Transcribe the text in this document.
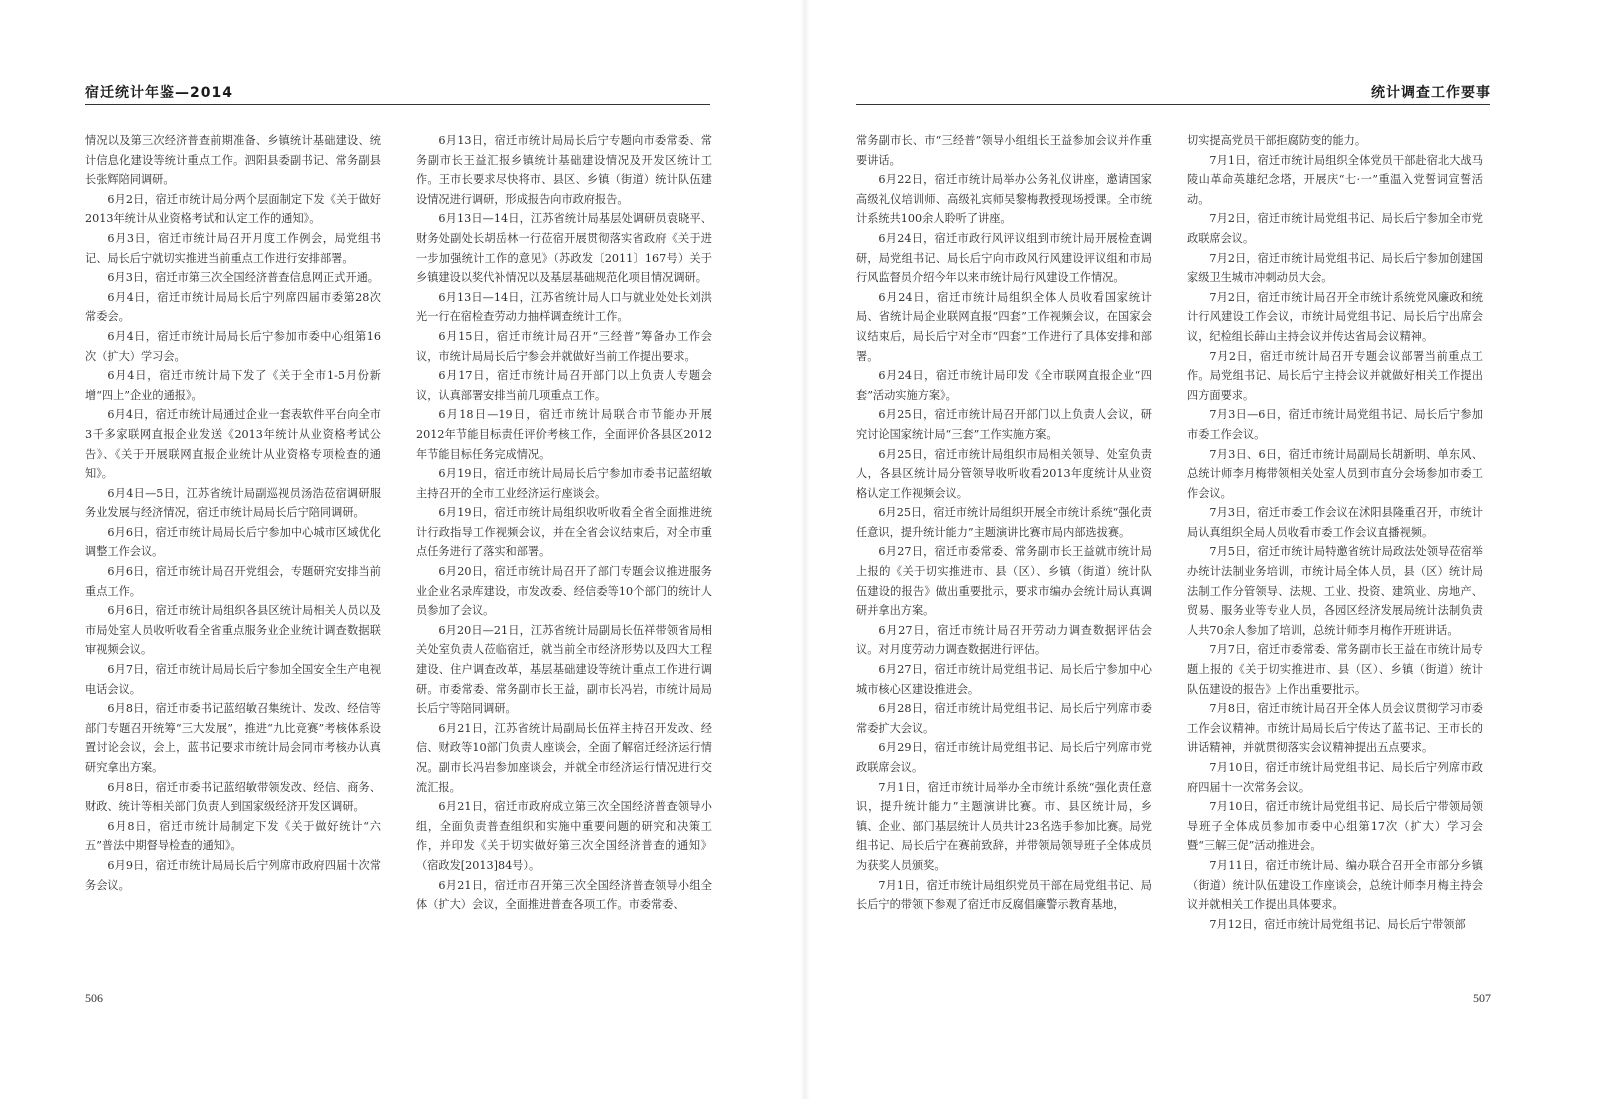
宿迁统计年鉴—2014

情况以及第三次经济普查前期准备、乡镇统计基础建设、统计信息化建设等统计重点工作。泗阳县委副书记、常务副县长张辉陪同调研。

6月2日，宿迁市统计局分两个层面制定下发《关于做好2013年统计从业资格考试和认定工作的通知》。

6月3日，宿迁市统计局召开月度工作例会，局党组书记、局长后宁就切实推进当前重点工作进行安排部署。

6月3日，宿迁市第三次全国经济普查信息网正式开通。

6月4日，宿迁市统计局局长后宁列席四届市委第28次常委会。

6月4日，宿迁市统计局局长后宁参加市委中心组第16次（扩大）学习会。

6月4日，宿迁市统计局下发了《关于全市1-5月份新增“四上”企业的通报》。

6月4日，宿迁市统计局通过企业一套表软件平台向全市3千多家联网直报企业发送《2013年统计从业资格考试公告》、《关于开展联网直报企业统计从业资格专项检查的通知》。

6月4日—5日，江苏省统计局副巡视员汤浩莅宿调研服务业发展与经济情况，宿迁市统计局局长后宁陪同调研。

6月6日，宿迁市统计局局长后宁参加中心城市区域优化调整工作会议。

6月6日，宿迁市统计局召开党组会，专题研究安排当前重点工作。

6月6日，宿迁市统计局组织各县区统计局相关人员以及市局处室人员收听收看全省重点服务业企业统计调查数据联审视频会议。

6月7日，宿迁市统计局局长后宁参加全国安全生产电视电话会议。

6月8日，宿迁市委书记蓝绍敏召集统计、发改、经信等部门专题召开统筹“三大发展”，推进“九比竞赛”考核体系设置讨论会议，会上，蓝书记要求市统计局会同市考核办认真研究拿出方案。

6月8日，宿迁市委书记蓝绍敏带领发改、经信、商务、财政、统计等相关部门负责人到国家级经济开发区调研。

6月8日，宿迁市统计局制定下发《关于做好统计“六五”普法中期督导检查的通知》。

6月9日，宿迁市统计局局长后宁列席市政府四届十次常务会议。

6月13日，宿迁市统计局局长后宁专题向市委常委、常务副市长王益汇报乡镇统计基础建设情况及开发区统计工作。王市长要求尽快将市、县区、乡镇（街道）统计队伍建设情况进行调研，形成报告向市政府报告。

6月13日—14日，江苏省统计局基层处调研员袁晓平、财务处副处长胡岳林一行莅宿开展贯彻落实省政府《关于进一步加强统计工作的意见》（苏政发〔2011〕167号）关于乡镇建设以奖代补情况以及基层基础规范化项目情况调研。

6月13日—14日，江苏省统计局人口与就业处处长刘洪光一行在宿检查劳动力抽样调查统计工作。

6月15日，宿迁市统计局召开“三经普”筹备办工作会议，市统计局局长后宁参会并就做好当前工作提出要求。

6月17日，宿迁市统计局召开部门以上负责人专题会议，认真部署安排当前几项重点工作。

6月18日—19日，宿迁市统计局联合市节能办开展2012年节能目标责任评价考核工作，全面评价各县区2012年节能目标任务完成情况。

6月19日，宿迁市统计局局长后宁参加市委书记蓝绍敏主持召开的全市工业经济运行座谈会。

6月19日，宿迁市统计局组织收听收看全省全面推进统计行政指导工作视频会议，并在全省会议结束后，对全市重点任务进行了落实和部署。

6月20日，宿迁市统计局召开了部门专题会议推进服务业企业名录库建设，市发改委、经信委等10个部门的统计人员参加了会议。

6月20日—21日，江苏省统计局副局长伍祥带领省局相关处室负责人莅临宿迁，就当前全市经济形势以及四大工程建设、住户调查改革，基层基础建设等统计重点工作进行调研。市委常委、常务副市长王益，副市长冯岩，市统计局局长后宁等陪同调研。

6月21日，江苏省统计局副局长伍祥主持召开发改、经信、财政等10部门负责人座谈会，全面了解宿迁经济运行情况。副市长冯岩参加座谈会，并就全市经济运行情况进行交流汇报。

6月21日，宿迁市政府成立第三次全国经济普查领导小组，全面负责普查组织和实施中重要问题的研究和决策工作，并印发《关于切实做好第三次全国经济普查的通知》（宿政发[2013]84号）。

6月21日，宿迁市召开第三次全国经济普查领导小组全体（扩大）会议，全面推进普查各项工作。市委常委、

506
统计调查工作要事

常务副市长、市“三经普”领导小组组长王益参加会议并作重要讲话。

6月22日，宿迁市统计局举办公务礼仪讲座，邀请国家高级礼仪培训师、高级礼宾师吴黎梅教授现场授课。全市统计系统共100余人聆听了讲座。

6月24日，宿迁市政行风评议组到市统计局开展检查调研，局党组书记、局长后宁向市政风行风建设评议组和市局行风监督员介绍今年以来市统计局行风建设工作情况。

6月24日，宿迁市统计局组织全体人员收看国家统计局、省统计局企业联网直报“四套”工作视频会议，在国家会议结束后，局长后宁对全市“四套”工作进行了具体安排和部署。

6月24日，宿迁市统计局印发《全市联网直报企业“四套”活动实施方案》。

6月25日，宿迁市统计局召开部门以上负责人会议，研究讨论国家统计局“三套”工作实施方案。

6月25日，宿迁市统计局组织市局相关领导、处室负责人，各县区统计局分管领导收听收看2013年度统计从业资格认定工作视频会议。

6月25日，宿迁市统计局组织开展全市统计系统“强化责任意识，提升统计能力”主题演讲比赛市局内部选拔赛。

6月27日，宿迁市委常委、常务副市长王益就市统计局上报的《关于切实推进市、县（区）、乡镇（街道）统计队伍建设的报告》做出重要批示，要求市编办会统计局认真调研并拿出方案。

6月27日，宿迁市统计局召开劳动力调查数据评估会议。对月度劳动力调查数据进行评估。

6月27日，宿迁市统计局党组书记、局长后宁参加中心城市核心区建设推进会。

6月28日，宿迁市统计局党组书记、局长后宁列席市委常委扩大会议。

6月29日，宿迁市统计局党组书记、局长后宁列席市党政联席会议。

7月1日，宿迁市统计局举办全市统计系统“强化责任意识，提升统计能力”主题演讲比赛。市、县区统计局，乡镇、企业、部门基层统计人员共计23名选手参加比赛。局党组书记、局长后宁在赛前致辞，并带领局领导班子全体成员为获奖人员颁奖。

7月1日，宿迁市统计局组织党员干部在局党组书记、局长后宁的带领下参观了宿迁市反腐倡廉警示教育基地，

切实提高党员干部拒腐防变的能力。

7月1日，宿迁市统计局组织全体党员干部赴宿北大战马陵山革命英雄纪念塔，开展庆“七·一”重温入党誓词宣誓活动。

7月2日，宿迁市统计局党组书记、局长后宁参加全市党政联席会议。

7月2日，宿迁市统计局党组书记、局长后宁参加创建国家级卫生城市冲刺动员大会。

7月2日，宿迁市统计局召开全市统计系统党风廉政和统计行风建设工作会议，市统计局党组书记、局长后宁出席会议，纪检组长薛山主持会议并传达省局会议精神。

7月2日，宿迁市统计局召开专题会议部署当前重点工作。局党组书记、局长后宁主持会议并就做好相关工作提出四方面要求。

7月3日—6日，宿迁市统计局党组书记、局长后宁参加市委工作会议。

7月3日、6日，宿迁市统计局副局长胡新明、单东风、总统计师李月梅带领相关处室人员到市直分会场参加市委工作会议。

7月3日，宿迁市委工作会议在沭阳县隆重召开，市统计局认真组织全局人员收看市委工作会议直播视频。

7月5日，宿迁市统计局特邀省统计局政法处领导莅宿举办统计法制业务培训，市统计局全体人员，县（区）统计局法制工作分管领导、法规、工业、投资、建筑业、房地产、贸易、服务业等专业人员，各园区经济发展局统计法制负责人共70余人参加了培训，总统计师李月梅作开班讲话。

7月7日，宿迁市委常委、常务副市长王益在市统计局专题上报的《关于切实推进市、县（区）、乡镇（街道）统计队伍建设的报告》上作出重要批示。

7月8日，宿迁市统计局召开全体人员会议贯彻学习市委工作会议精神。市统计局局长后宁传达了蓝书记、王市长的讲话精神，并就贯彻落实会议精神提出五点要求。

7月10日，宿迁市统计局党组书记、局长后宁列席市政府四届十一次常务会议。

7月10日，宿迁市统计局党组书记、局长后宁带领局领导班子全体成员参加市委中心组第17次（扩大）学习会暨“三解三促”活动推进会。

7月11日，宿迁市统计局、编办联合召开全市部分乡镇（街道）统计队伍建设工作座谈会，总统计师李月梅主持会议并就相关工作提出具体要求。

7月12日，宿迁市统计局党组书记、局长后宁带领部

507
